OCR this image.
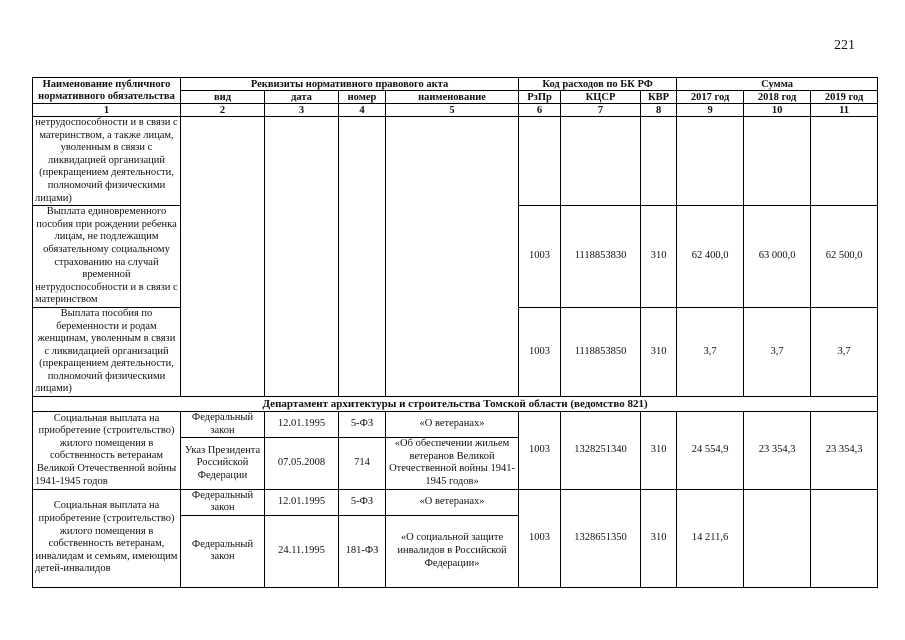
221
Наименование публичного нормативного обязательства	Реквизиты нормативного правового акта				Код расходов по БК РФ			Сумма		
	вид	дата	номер	наименование	РзПр	КЦСР	КВР	2017 год	2018 год	2019 год
1	2	3	4	5	6	7	8	9	10	11
нетрудоспособности и в связи с материнством, а также лицам, уволенным в связи с ликвидацией организаций (прекращением деятельности, полномочий физическими лицами)										
Выплата единовременного пособия при рождении ребенка лицам, не подлежащим обязательному социальному страхованию на случай временной нетрудоспособности и в связи с материнством					1003	1118853830	310	62 400,0	63 000,0	62 500,0
Выплата пособия по беременности и родам женщинам, уволенным в связи с ликвидацией организаций (прекращением деятельности, полномочий физическими лицами)					1003	1118853850	310	3,7	3,7	3,7
Департамент архитектуры и строительства Томской области (ведомство 821)										
Социальная выплата на приобретение (строительство) жилого помещения в собственность ветеранам Великой Отечественной войны 1941-1945 годов	Федеральный закон	12.01.1995	5-ФЗ	«О ветеранах»	1003	1328251340	310	24 554,9	23 354,3	23 354,3
	Указ Президента Российской Федерации	07.05.2008	714	«Об обеспечении жильем ветеранов Великой Отечественной войны 1941-1945 годов»						
Социальная выплата на приобретение (строительство) жилого помещения в собственность ветеранам, инвалидам и семьям, имеющим детей-инвалидов	Федеральный закон	12.01.1995	5-ФЗ	«О ветеранах»	1003	1328651350	310	14 211,6		
	Федеральный закон	24.11.1995	181-ФЗ	«О социальной защите инвалидов в Российской Федерации»						
